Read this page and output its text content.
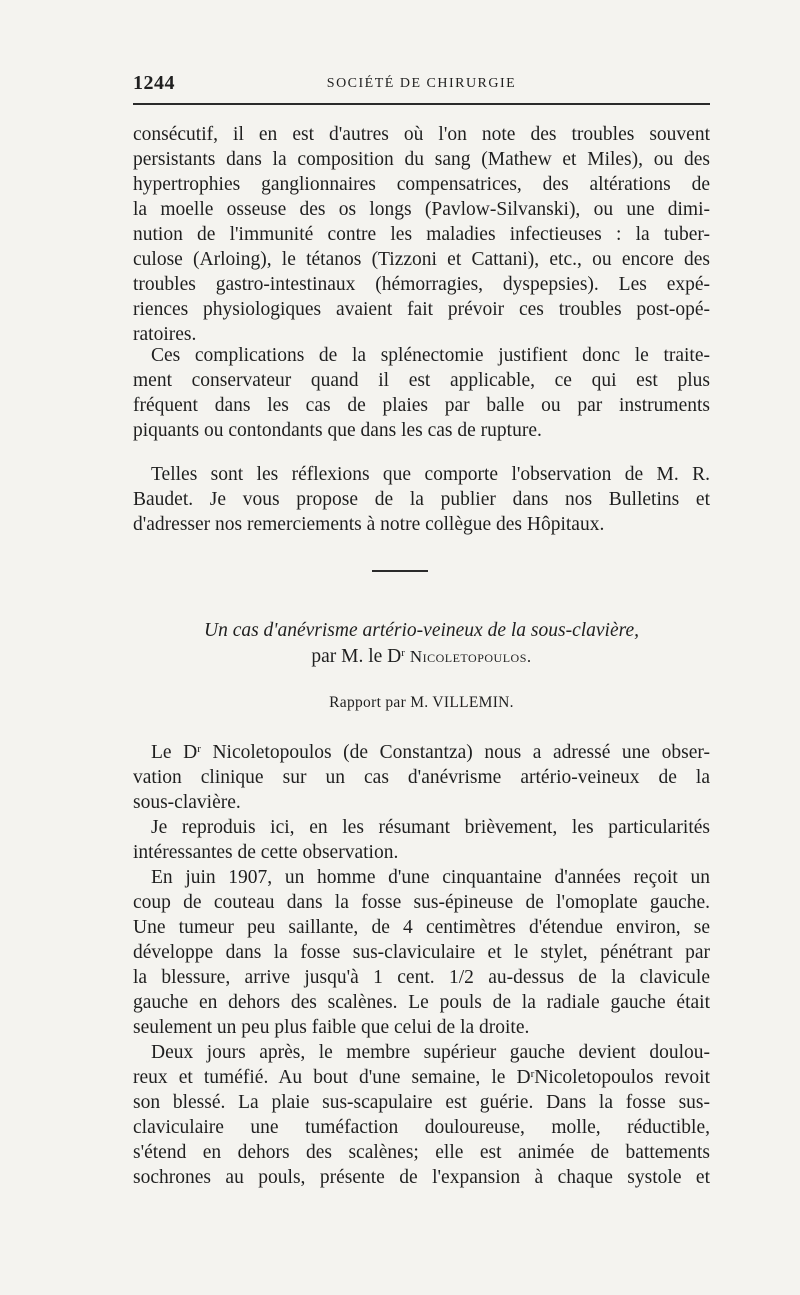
1244	SOCIÉTÉ DE CHIRURGIE
consécutif, il en est d'autres où l'on note des troubles souvent
persistants dans la composition du sang (Mathew et Miles), ou des
hypertrophies ganglionnaires compensatrices, des altérations de
la moelle osseuse des os longs (Pavlow-Silvanski), ou une dimi-
nution de l'immunité contre les maladies infectieuses : la tuber-
culose (Arloing), le tétanos (Tizzoni et Cattani), etc., ou encore des
troubles gastro-intestinaux (hémorragies, dyspepsies). Les expé-
riences physiologiques avaient fait prévoir ces troubles post-opé-
ratoires.
Ces complications de la splénectomie justifient donc le traite-
ment conservateur quand il est applicable, ce qui est plus
fréquent dans les cas de plaies par balle ou par instruments
piquants ou contondants que dans les cas de rupture.
Telles sont les réflexions que comporte l'observation de M. R.
Baudet. Je vous propose de la publier dans nos Bulletins et
d'adresser nos remerciements à notre collègue des Hôpitaux.
Un cas d'anévrisme artério-veineux de la sous-clavière,
par M. le $D^r$ Nicoletopoulos.
Rapport par M. VILLEMIN.
Le $D^r$ Nicoletopoulos (de Constantza) nous a adressé une obser-
vation clinique sur un cas d'anévrisme artério-veineux de la
sous-clavière.
Je reproduis ici, en les résumant brièvement, les particularités
intéressantes de cette observation.
En juin 1907, un homme d'une cinquantaine d'années reçoit un
coup de couteau dans la fosse sus-épineuse de l'omoplate gauche.
Une tumeur peu saillante, de 4 centimètres d'étendue environ, se
développe dans la fosse sus-claviculaire et le stylet, pénétrant par
la blessure, arrive jusqu'à 1 cent. 1/2 au-dessus de la clavicule
gauche en dehors des scalènes. Le pouls de la radiale gauche était
seulement un peu plus faible que celui de la droite.
Deux jours après, le membre supérieur gauche devient doulou-
reux et tuméfié. Au bout d'une semaine, le $D^rNicoletopoulos$ revoit
son blessé. La plaie sus-scapulaire est guérie. Dans la fosse sus-
claviculaire une tuméfaction douloureuse, molle, réductible,
s'étend en dehors des scalènes; elle est animée de battements
sochrones au pouls, présente de l'expansion à chaque systole et
